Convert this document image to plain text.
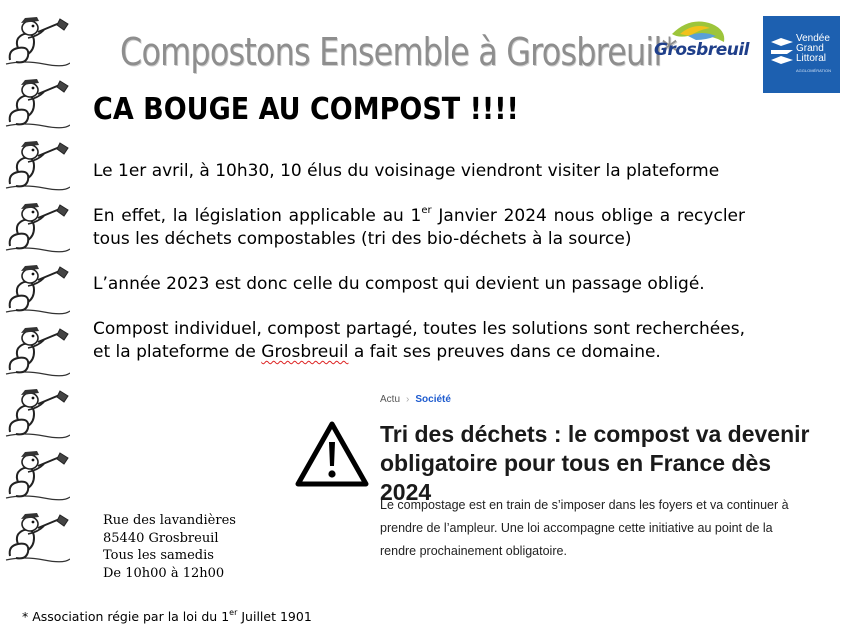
Compostons Ensemble à Grosbreuil*
Grosbreuil
Vendée
Grand
Littoral
AGGLOMÉRATION
CA BOUGE AU COMPOST !!!!

Le 1er avril, à 10h30, 10 élus du voisinage viendront visiter la plateforme

En effet, la législation applicable au 1er Janvier 2024 nous oblige a recycler tous les déchets compostables (tri des bio-déchets à la source)

L’année 2023 est donc celle du compost qui devient un passage obligé.

Compost individuel, compost partagé, toutes les solutions sont recherchées, et la plateforme de Grosbreuil a fait ses preuves dans ce domaine.

Actu › Société
Tri des déchets : le compost va devenir obligatoire pour tous en France dès 2024
Le compostage est en train de s’imposer dans les foyers et va continuer à prendre de l’ampleur. Une loi accompagne cette initiative au point de la rendre prochainement obligatoire.
Rue des lavandières
85440 Grosbreuil
Tous les samedis
De 10h00 à 12h00
* Association régie par la loi du 1er Juillet 1901
